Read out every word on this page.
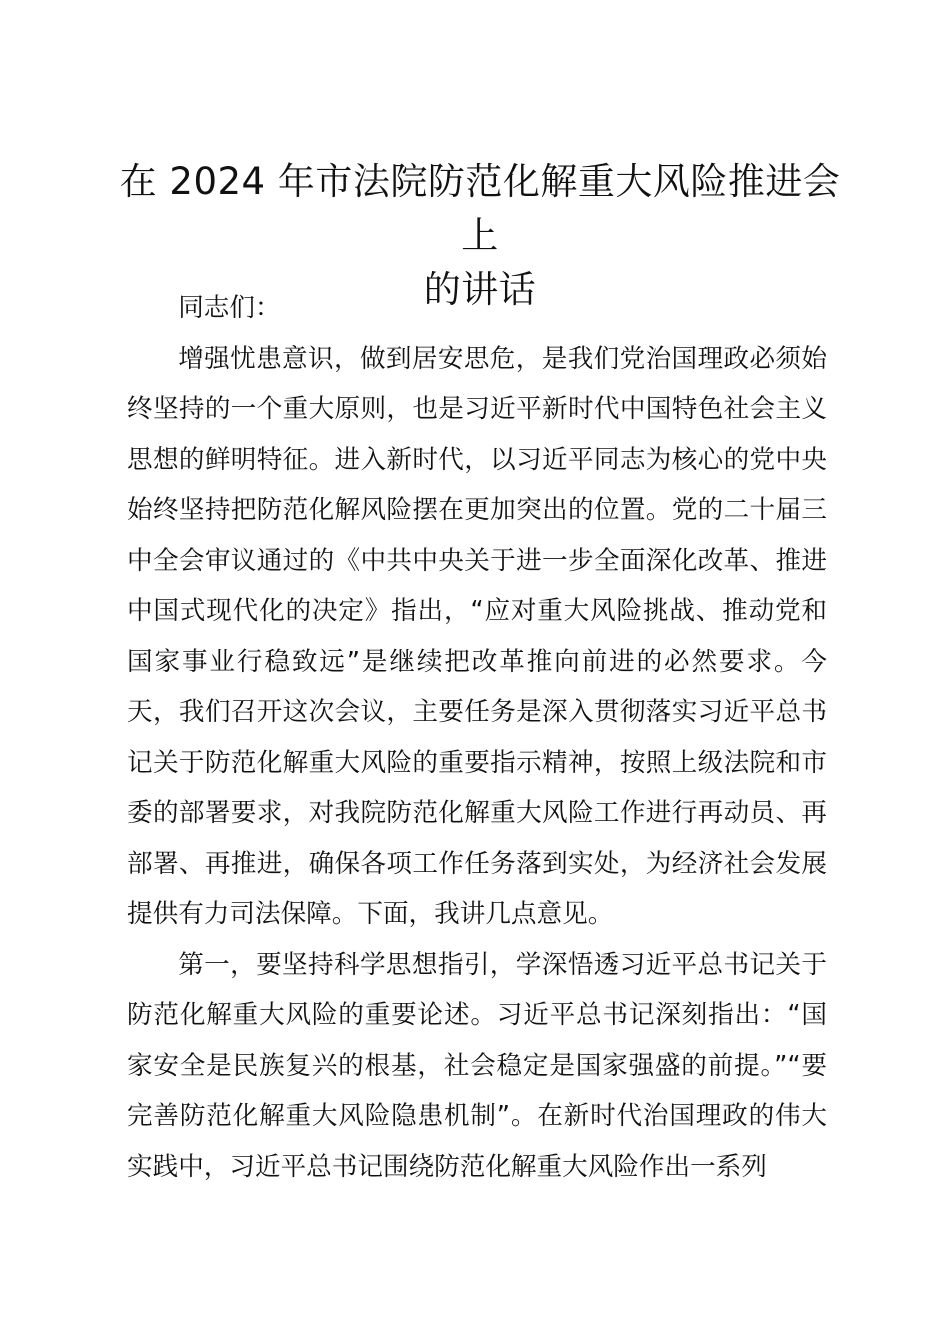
在 2024 年市法院防范化解重大风险推进会上
的讲话

同志们：

增强忧患意识，做到居安思危，是我们党治国理政必须始终坚持的一个重大原则，也是习近平新时代中国特色社会主义思想的鲜明特征。进入新时代，以习近平同志为核心的党中央始终坚持把防范化解风险摆在更加突出的位置。党的二十届三中全会审议通过的《中共中央关于进一步全面深化改革、推进中国式现代化的决定》指出，“应对重大风险挑战、推动党和国家事业行稳致远”是继续把改革推向前进的必然要求。今天，我们召开这次会议，主要任务是深入贯彻落实习近平总书记关于防范化解重大风险的重要指示精神，按照上级法院和市委的部署要求，对我院防范化解重大风险工作进行再动员、再部署、再推进，确保各项工作任务落到实处，为经济社会发展提供有力司法保障。下面，我讲几点意见。

第一，要坚持科学思想指引，学深悟透习近平总书记关于防范化解重大风险的重要论述。习近平总书记深刻指出：“国家安全是民族复兴的根基，社会稳定是国家强盛的前提。”“要完善防范化解重大风险隐患机制”。在新时代治国理政的伟大实践中，习近平总书记围绕防范化解重大风险作出一系列
